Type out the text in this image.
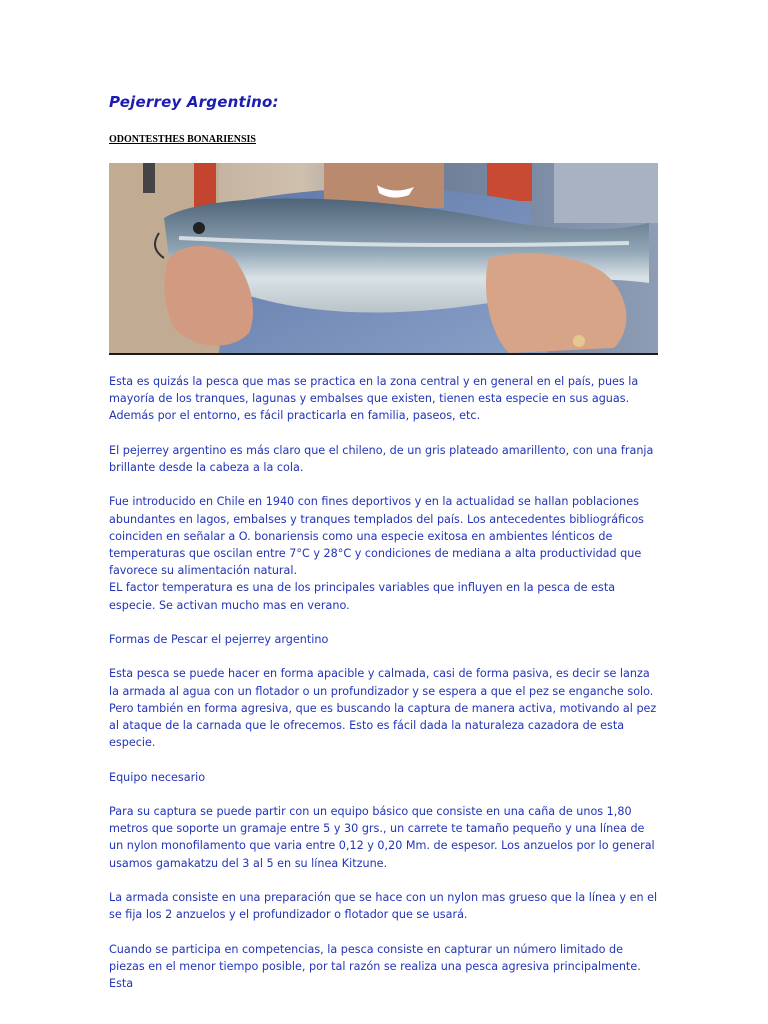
Pejerrey Argentino:
ODONTESTHES BONARIENSIS

Esta es quizás la pesca que mas se practica en la zona central y en general en el país, pues la mayoría de los tranques, lagunas y embalses que existen, tienen esta especie en sus aguas. Además por el entorno, es fácil practicarla en familia, paseos, etc.

El pejerrey argentino es más claro que el chileno, de un gris plateado amarillento, con una franja brillante desde la cabeza a la cola.

Fue introducido en Chile en 1940 con fines deportivos y en la actualidad se hallan poblaciones abundantes en lagos, embalses y tranques templados del país. Los antecedentes bibliográficos coinciden en señalar a O. bonariensis como una especie exitosa en ambientes lénticos de temperaturas que oscilan entre 7°C y 28°C y condiciones de mediana a alta productividad que favorece su alimentación natural.

EL factor temperatura es una de los principales variables que influyen en la pesca de esta especie. Se activan mucho mas en verano.

Formas de Pescar el pejerrey argentino

Esta pesca se puede hacer en forma apacible y calmada, casi de forma pasiva, es decir se lanza la armada al agua con un flotador o un profundizador y se espera a que el pez se enganche solo. Pero también en forma agresiva, que es buscando la captura de manera activa, motivando al pez al ataque de la carnada que le ofrecemos. Esto es fácil dada la naturaleza cazadora de esta especie.

Equipo necesario

Para su captura se puede partir con un equipo básico que consiste en una caña de unos 1,80 metros que soporte un gramaje entre 5 y 30 grs., un carrete te tamaño pequeño y una línea de un nylon monofilamento que varia entre 0,12 y 0,20 Mm. de espesor. Los anzuelos por lo general usamos gamakatzu del 3 al 5 en su línea Kitzune.

La armada consiste en una preparación que se hace con un nylon mas grueso que la línea y en el se fija los 2 anzuelos y el profundizador o flotador que se usará.

Cuando se participa en competencias, la pesca consiste en capturar un número limitado de piezas en el menor tiempo posible, por tal razón se realiza una pesca agresiva principalmente. Esta
